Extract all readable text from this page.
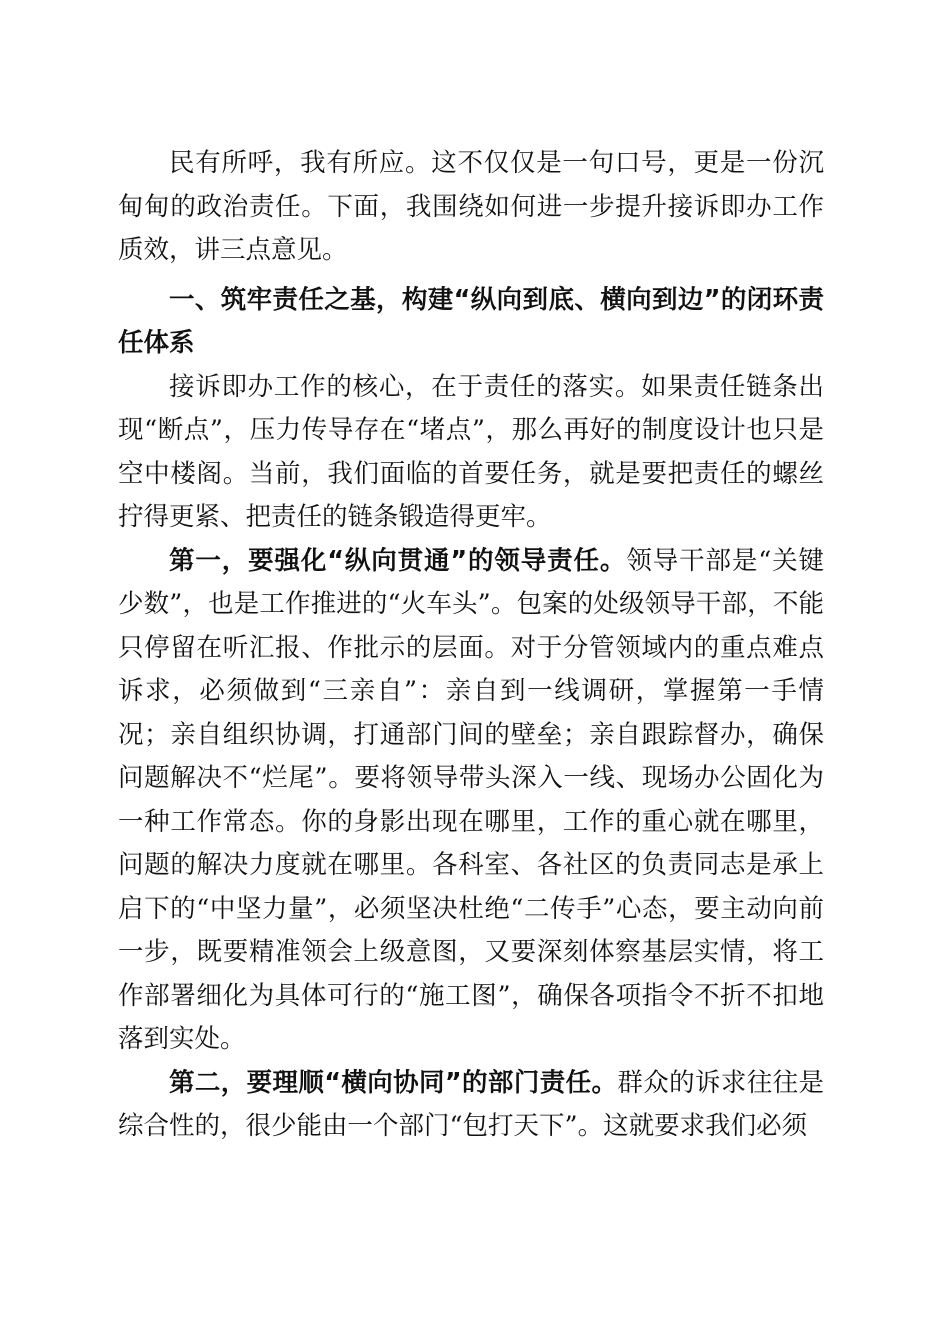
民有所呼，我有所应。这不仅仅是一句口号，更是一份沉甸甸的政治责任。下面，我围绕如何进一步提升接诉即办工作质效，讲三点意见。

一、筑牢责任之基，构建“纵向到底、横向到边”的闭环责任体系

接诉即办工作的核心，在于责任的落实。如果责任链条出现“断点”，压力传导存在“堵点”，那么再好的制度设计也只是空中楼阁。当前，我们面临的首要任务，就是要把责任的螺丝拧得更紧、把责任的链条锻造得更牢。

第一，要强化“纵向贯通”的领导责任。领导干部是“关键少数”，也是工作推进的“火车头”。包案的处级领导干部，不能只停留在听汇报、作批示的层面。对于分管领域内的重点难点诉求，必须做到“三亲自”：亲自到一线调研，掌握第一手情况；亲自组织协调，打通部门间的壁垒；亲自跟踪督办，确保问题解决不“烂尾”。要将领导带头深入一线、现场办公固化为一种工作常态。你的身影出现在哪里，工作的重心就在哪里，问题的解决力度就在哪里。各科室、各社区的负责同志是承上启下的“中坚力量”，必须坚决杜绝“二传手”心态，要主动向前一步，既要精准领会上级意图，又要深刻体察基层实情，将工作部署细化为具体可行的“施工图”，确保各项指令不折不扣地落到实处。

第二，要理顺“横向协同”的部门责任。群众的诉求往往是综合性的，很少能由一个部门“包打天下”。这就要求我们必须
